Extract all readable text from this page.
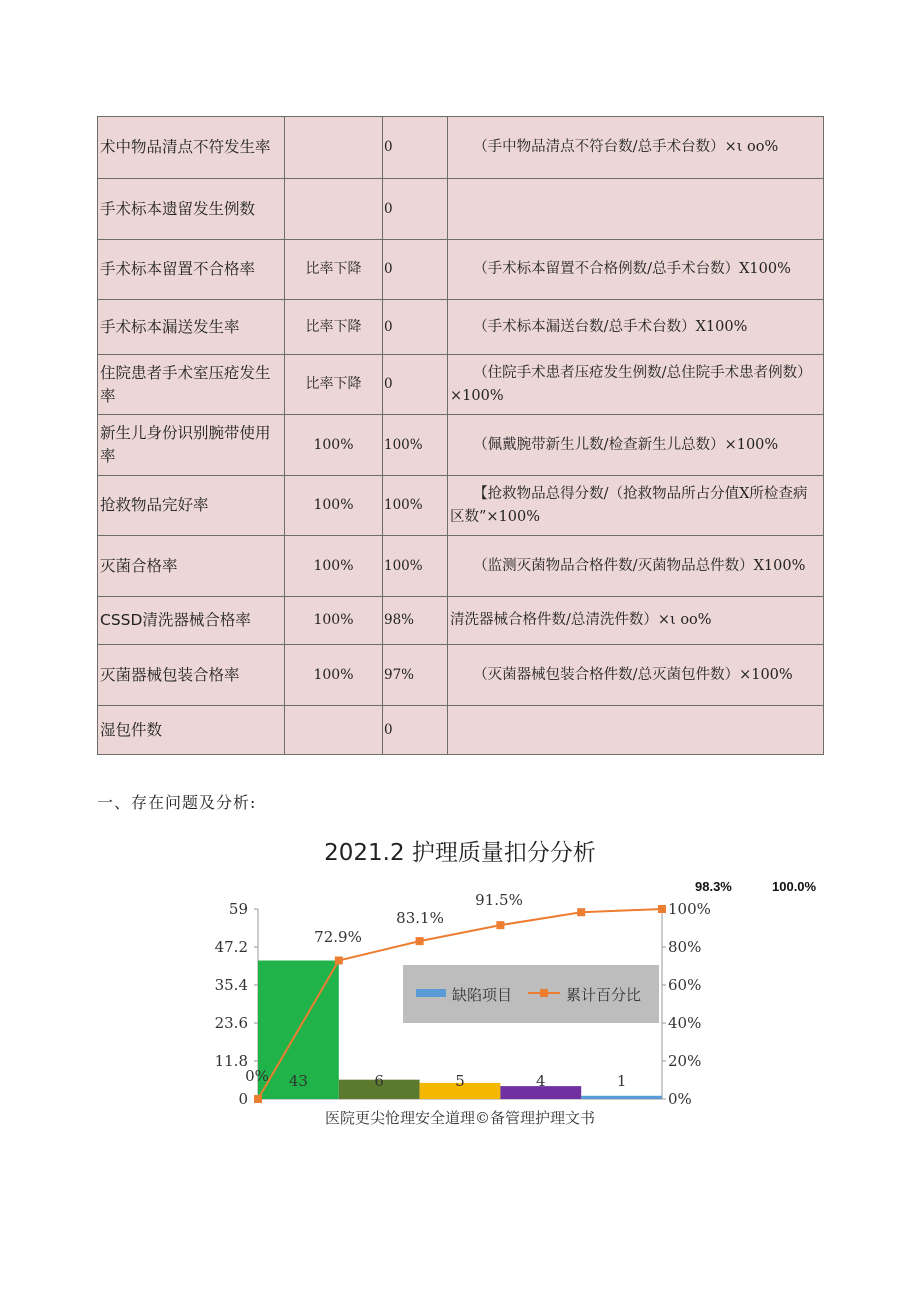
术中物品清点不符发生率		0	（手中物品清点不符台数/总手术台数）×ι oo%
手术标本遗留发生例数		0	
手术标本留置不合格率	比率下降	0	（手术标本留置不合格例数/总手术台数）X100%
手术标本漏送发生率	比率下降	0	（手术标本漏送台数/总手术台数）X100%
住院患者手术室压疮发生率	比率下降	0	（住院手术患者压疮发生例数/总住院手术患者例数）×100%
新生儿身份识别腕带使用率	100%	100%	（佩戴腕带新生儿数/检查新生儿总数）×100%
抢救物品完好率	100%	100%	【抢救物品总得分数/（抢救物品所占分值X所检查病区数”×100%
灭菌合格率	100%	100%	（监测灭菌物品合格件数/灭菌物品总件数）X100%
CSSD清洗器械合格率	100%	98%	清洗器械合格件数/总清洗件数）×ι oo%
灭菌器械包装合格率	100%	97%	（灭菌器械包装合格件数/总灭菌包件数）×100%
湿包件数		0	
一、存在问题及分析:
2021.2 护理质量扣分分析
98.3%	100.0%
0
11.8
23.6
35.4
47.2
59
0%
20%
40%
60%
80%
100%
缺陷项目	累计百分比
0%
72.9%
83.1%
91.5%
43	6	5	4	1
医院更尖怆理安全道理©备管理护理文书
